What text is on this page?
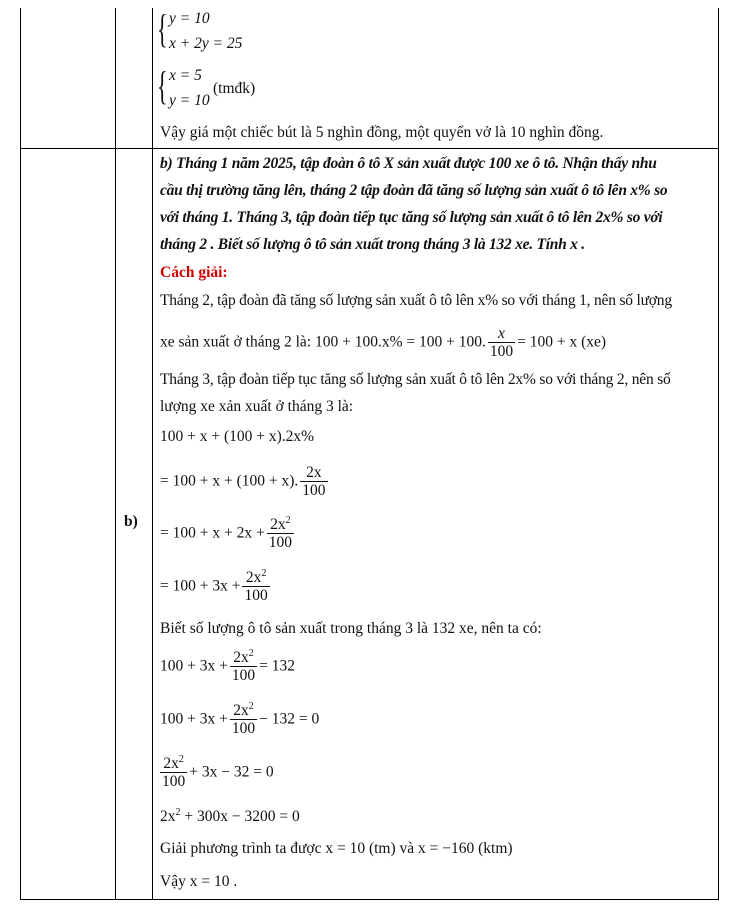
{ y = 10
x + 2y = 25
{ x = 5
y = 10
(tmđk)
Vậy giá một chiếc bút là 5 nghìn đồng, một quyển vở là 10 nghìn đồng.
b)
b) Tháng 1 năm 2025, tập đoàn ô tô X sản xuất được 100 xe ô tô. Nhận thấy nhu
cầu thị trường tăng lên, tháng 2 tập đoàn đã tăng số lượng sản xuất ô tô lên x% so
với tháng 1. Tháng 3, tập đoàn tiếp tục tăng số lượng sản xuất ô tô lên 2x% so với
tháng 2 . Biết số lượng ô tô sản xuất trong tháng 3 là 132 xe. Tính x .
Cách giải:
Tháng 2, tập đoàn đã tăng số lượng sản xuất ô tô lên x% so với tháng 1, nên số lượng
xe sản xuất ở tháng 2 là: 100 + 100.x% = 100 + 100. $\frac{x}{100} = 100 + x$ (xe)
Tháng 3, tập đoàn tiếp tục tăng số lượng sản xuất ô tô lên 2x% so với tháng 2, nên số
lượng xe xản xuất ở tháng 3 là:
100 + x + (100 + x).2x%
= 100 + x + (100 + x). $\frac{2x}{100}$
= $100 + x + 2x + \frac{2x^2}{100}$
= $100 + 3x + \frac{2x^2}{100}$
Biết số lượng ô tô sản xuất trong tháng 3 là 132 xe, nên ta có:
$100 + 3x + \frac{2x^2}{100} = 132$
$100 + 3x + \frac{2x^2}{100} - 132 = 0$
$\frac{2x^2}{100} + 3x - 32 = 0$
$2x^2 + 300x - 3200 = 0$
Giải phương trình ta được x = 10 (tm) và x = −160 (ktm)
Vậy x = 10 .
